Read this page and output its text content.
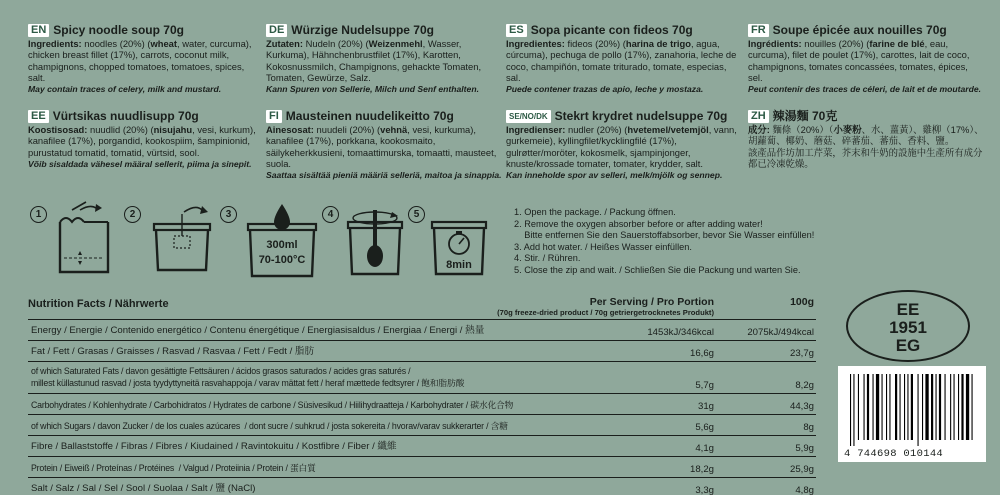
EN Spicy noodle soup 70g
Ingredients: noodles (20%) (wheat, water, curcuma), chicken breast fillet (17%), carrots, coconut milk, champignons, chopped tomatoes, tomatoes, spices, salt.
May contain traces of celery, milk and mustard.
DE Würzige Nudelsuppe 70g
Zutaten: Nudeln (20%) (Weizenmehl, Wasser, Kurkuma), Hähnchenbrustfilet (17%), Karotten, Kokosnussmilch, Champignons, gehackte Tomaten, Tomaten, Gewürze, Salz.
Kann Spuren von Sellerie, Milch und Senf enthalten.
ES Sopa picante con fideos 70g
Ingredientes: fideos (20%) (harina de trigo, agua, cúrcuma), pechuga de pollo (17%), zanahoria, leche de coco, champiñón, tomate triturado, tomate, especias, sal.
Puede contener trazas de apio, leche y mostaza.
FR Soupe épicée aux nouilles 70g
Ingrédients: nouilles (20%) (farine de blé, eau, curcuma), filet de poulet (17%), carottes, lait de coco, champignons, tomates concassées, tomates, épices, sel.
Peut contenir des traces de céleri, de lait et de moutarde.
EE Vürtsikas nuudlisupp 70g
Koostisosad: nuudlid (20%) (nisujahu, vesi, kurkum), kanafilee (17%), porgandid, kookospiim, šampinionid, purustatud tomatid, tomatid, vürtsid, sool.
Võib sisaldada vähesel määral sellerit, piima ja sinepit.
FI Mausteinen nuudelikeitto 70g
Ainesosat: nuudeli (20%) (vehnä, vesi, kurkuma), kanafilee (17%), porkkana, kookosmaito, säilykeherkkusieni, tomaattimurska, tomaatti, mausteet, suola.
Saattaa sisältää pieniä määriä selleriä, maitoa ja sinappia.
SE/NO/DK Stekrt krydret nudelsuppe 70g
Ingredienser: nudler (20%) (hvetemel/vetemjöl, vann, gurkemeie), kyllingfilet/kycklingfilé (17%), gulrøtter/moröter, kokosmelk, sjampinjonger, knuste/krossade tomater, tomater, krydder, salt.
Kan inneholde spor av selleri, melk/mjölk og sennep.
ZH 辣湯麵 70克
成分: 麵條（20%）（小麥粉、水、薑黃）、雞柳（17%）、胡蘿蔔、椰奶、蘑菇、碎蕃茄、蕃茄、香料、鹽。
該產品作坊加工芹菜，芥末和牛奶的設施中生產所有成分都已冷凍乾燥。
1	2	3
300ml
70-100°C
4	5
8min
1. Open the package. / Packung öffnen.
2. Remove the oxygen absorber before or after adding water!
Bitte entfernen Sie den Sauerstoffabsorber, bevor Sie Wasser einfüllen!
3. Add hot water. / Heißes Wasser einfüllen.
4. Stir. / Rühren.
5. Close the zip and wait. / Schließen Sie die Packung und warten Sie.
Nutrition Facts / Nährwerte	Per Serving / Pro Portion
(70g freeze-dried product / 70g getriergetrocknetes Produkt)
100g
Energy / Energie / Contenido energético / Contenu énergétique / Energiasisaldus / Energiaa / Energi / 熱量	1453kJ/346kcal	2075kJ/494kcal
Fat / Fett / Grasas / Graisses / Rasvad / Rasvaa / Fett / Fedt / 脂肪	16,6g	23,7g
of which Saturated Fats / davon gesättigte Fettsäuren / ácidos grasos saturados / acides gras saturés /
millest küllastunud rasvad / josta tyydyttyneitä rasvahappoja / varav mättat fett / heraf mættede fedtsyrer / 飽和脂肪酸	5,7g	8,2g
Carbohydrates / Kohlenhydrate / Carbohidratos / Hydrates de carbone / Süsivesikud / Hiilihydraatteja / Karbohydrater / 碳水化合物	31g	44,3g
of which Sugars / davon Zucker / de los cuales azúcares  / dont sucre / suhkrud / josta sokereita / hvorav/varav sukkerarter / 含糖	5,6g	8g
Fibre / Ballaststoffe / Fibras / Fibres / Kiudained / Ravintokuitu / Kostfibre / Fiber / 纖維	4,1g	5,9g
Protein / Eiweiß / Proteínas / Protéines  / Valgud / Proteiinia / Protein / 蛋白質	18,2g	25,9g
Salt / Salz / Sal / Sel / Sool / Suolaa / Salt / 鹽 (NaCl)	3,3g	4,8g
EE
1951
EG
4 744698 010144
